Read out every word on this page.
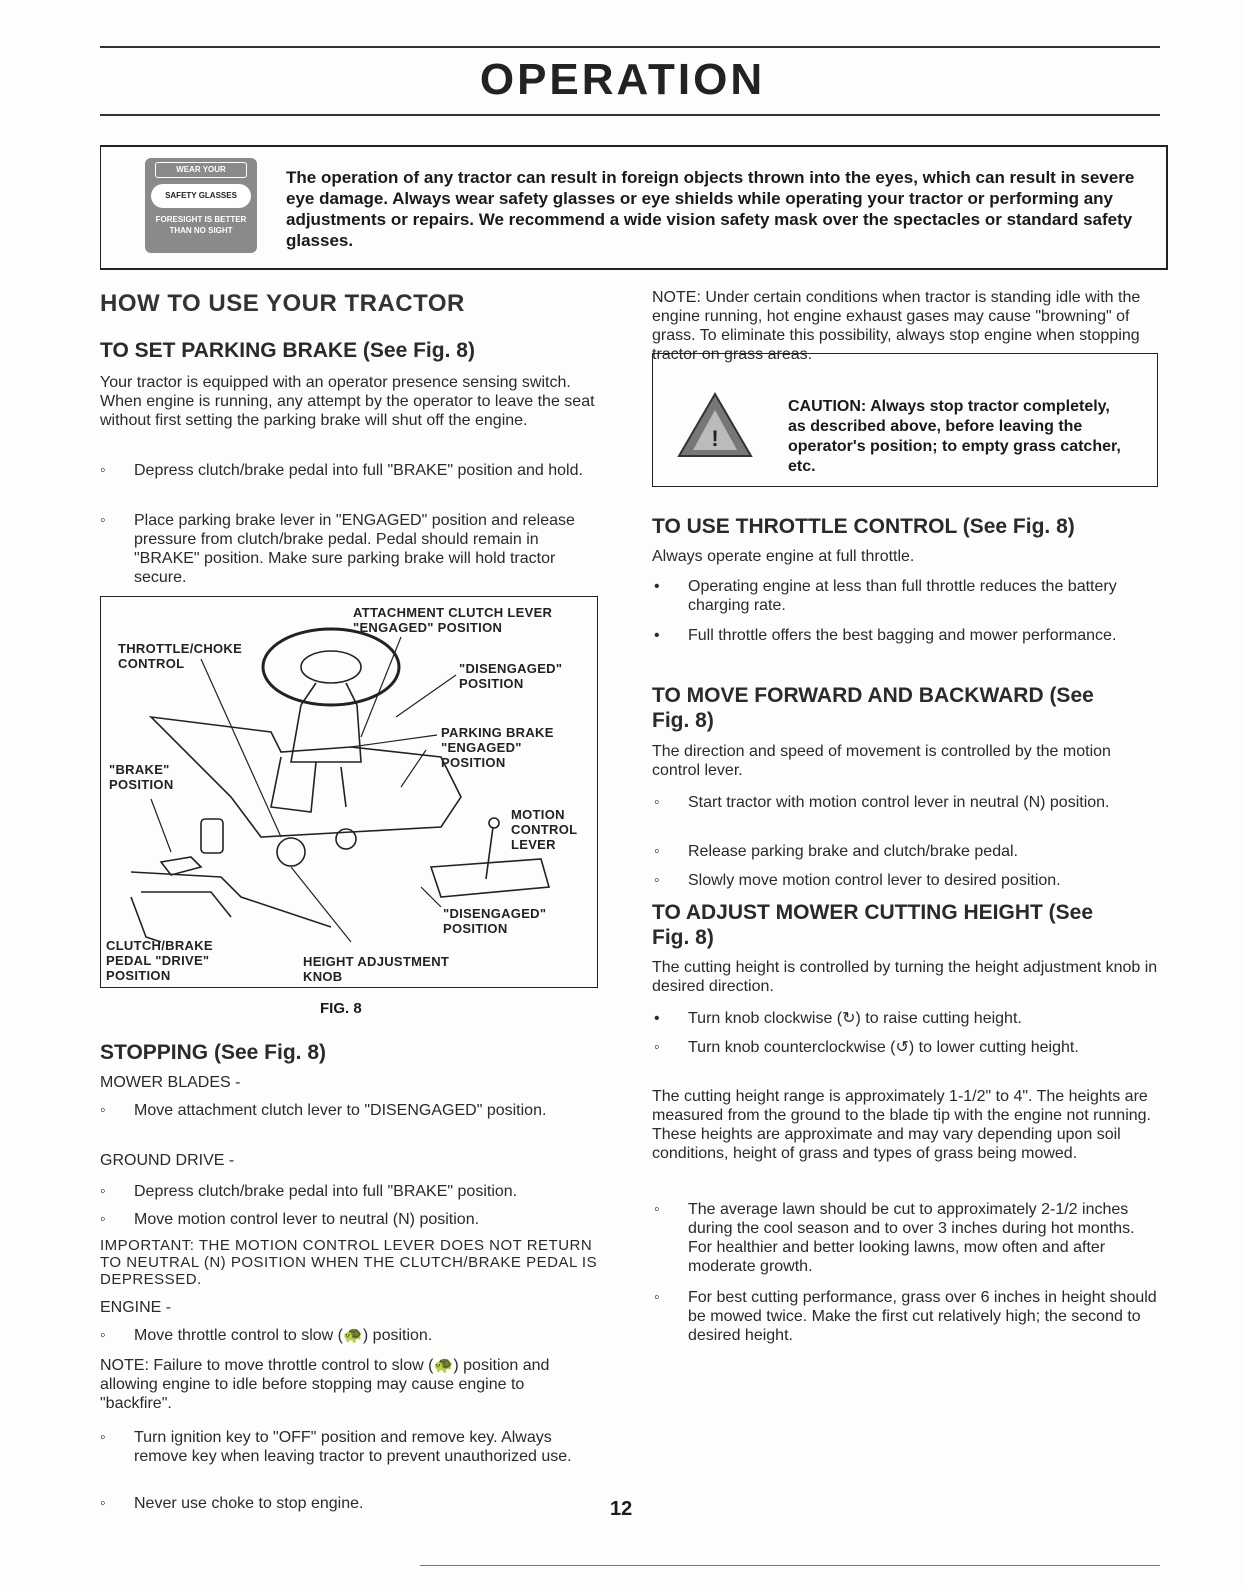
OPERATION
WEAR YOUR
SAFETY GLASSES
FORESIGHT IS BETTER THAN NO SIGHT
The operation of any tractor can result in foreign objects thrown into the eyes, which can result in severe eye damage. Always wear safety glasses or eye shields while operating your tractor or performing any adjustments or repairs. We recommend a wide vision safety mask over the spectacles or standard safety glasses.
HOW TO USE YOUR TRACTOR
TO SET PARKING BRAKE (See Fig. 8)
Your tractor is equipped with an operator presence sensing switch. When engine is running, any attempt by the operator to leave the seat without first setting the parking brake will shut off the engine.
◦ Depress clutch/brake pedal into full "BRAKE" position and hold.
◦ Place parking brake lever in "ENGAGED" position and release pressure from clutch/brake pedal. Pedal should remain in "BRAKE" position. Make sure parking brake will hold tractor secure.
ATTACHMENT CLUTCH LEVER "ENGAGED" POSITION
THROTTLE/CHOKE CONTROL	"DISENGAGED" POSITION
PARKING BRAKE "ENGAGED" POSITION
"BRAKE" POSITION
MOTION CONTROL LEVER
"DISENGAGED" POSITION
CLUTCH/BRAKE PEDAL "DRIVE" POSITION
HEIGHT ADJUSTMENT KNOB
FIG. 8
STOPPING (See Fig. 8)
MOWER BLADES -
◦ Move attachment clutch lever to "DISENGAGED" position.
GROUND DRIVE -
◦ Depress clutch/brake pedal into full "BRAKE" position.
◦ Move motion control lever to neutral (N) position.
IMPORTANT: THE MOTION CONTROL LEVER DOES NOT RETURN TO NEUTRAL (N) POSITION WHEN THE CLUTCH/BRAKE PEDAL IS DEPRESSED.
ENGINE -
◦ Move throttle control to slow (🐢) position.
NOTE: Failure to move throttle control to slow (🐢) position and allowing engine to idle before stopping may cause engine to "backfire".
◦ Turn ignition key to "OFF" position and remove key. Always remove key when leaving tractor to prevent unauthorized use.
◦ Never use choke to stop engine.
NOTE: Under certain conditions when tractor is standing idle with the engine running, hot engine exhaust gases may cause "browning" of grass. To eliminate this possibility, always stop engine when stopping tractor on grass areas.
!
CAUTION: Always stop tractor completely, as described above, before leaving the operator's position; to empty grass catcher, etc.
TO USE THROTTLE CONTROL (See Fig. 8)
Always operate engine at full throttle.
• Operating engine at less than full throttle reduces the battery charging rate.
• Full throttle offers the best bagging and mower performance.
TO MOVE FORWARD AND BACKWARD (See Fig. 8)
The direction and speed of movement is controlled by the motion control lever.
◦ Start tractor with motion control lever in neutral (N) position.
◦ Release parking brake and clutch/brake pedal.
◦ Slowly move motion control lever to desired position.
TO ADJUST MOWER CUTTING HEIGHT (See Fig. 8)
The cutting height is controlled by turning the height adjustment knob in desired direction.
• Turn knob clockwise (↻) to raise cutting height.
◦ Turn knob counterclockwise (↺) to lower cutting height.
The cutting height range is approximately 1-1/2" to 4". The heights are measured from the ground to the blade tip with the engine not running. These heights are approximate and may vary depending upon soil conditions, height of grass and types of grass being mowed.
◦ The average lawn should be cut to approximately 2-1/2 inches during the cool season and to over 3 inches during hot months. For healthier and better looking lawns, mow often and after moderate growth.
◦ For best cutting performance, grass over 6 inches in height should be mowed twice. Make the first cut relatively high; the second to desired height.
12
